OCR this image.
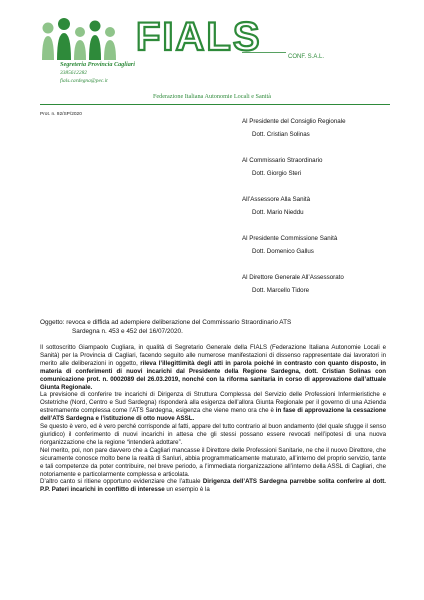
FIALS	CONF. S.A.L.
Segreteria Provincia Cagliari
3385612282
fials.cardegna@pec.it
Federazione Italiana Autonomie Locali e Sanità
Prot. n. 92/SP/2020
Al Presidente del Consiglio Regionale
Dott. Cristian Solinas
Al Commissario Straordinario
Dott. Giorgio Steri
All’Assessore Alla Sanità
Dott. Mario Nieddu
Al Presidente Commissione Sanità
Dott. Domenico Gallus
Al Direttore Generale All’Assessorato
Dott. Marcello Tidore
Oggetto: revoca e diffida ad adempiere deliberazione del Commissario Straordinario ATS
Sardegna n. 453 e 452 del 16/07/2020.

Il sottoscritto Giampaolo Cugliara, in qualità di Segretario Generale della FIALS (Federazione Italiana Autonomie Locali e Sanità) per la Provincia di Cagliari, facendo seguito alle numerose manifestazioni di dissenso rappresentate dai lavoratori in merito alle deliberazioni in oggetto, rileva l’illegittimità degli atti in parola poiché in contrasto con quanto disposto, in materia di conferimenti di nuovi incarichi dal Presidente della Regione Sardegna, dott. Cristian Solinas con comunicazione prot. n. 0002089 del 26.03.2019, nonché con la riforma sanitaria in corso di approvazione dall’attuale Giunta Regionale.

La previsione di conferire tre incarichi di Dirigenza di Struttura Complessa del Servizio delle Professioni Infermieristiche e Ostetriche (Nord, Centro e Sud Sardegna) risponderà alla esigenza dell’allora Giunta Regionale per il governo di una Azienda estremamente complessa come l’ATS Sardegna, esigenza che viene meno ora che è in fase di approvazione la cessazione dell’ATS Sardegna e l’istituzione di otto nuove ASSL.

Se questo è vero, ed è vero perché corrisponde al fatti, appare del tutto contrario al buon andamento (del quale sfugge il senso giuridico) il conferimento di nuovi incarichi in attesa che gli stessi possano essere revocati nell’ipotesi di una nuova riorganizzazione che la regione “intenderà adottare”.

Nel merito, poi, non pare davvero che a Cagliari mancasse il Direttore delle Professioni Sanitarie, ne che il nuovo Direttore, che sicuramente conosce molto bene la realtà di Sanluri, abbia programmaticamente maturato, all’interno del proprio servizio, tante e tali competenze da poter contribuire, nel breve periodo, a l’immediata riorganizzazione all’interno della ASSL di Cagliari, che notoriamente e particolarmente complessa e articolata.

D’altro canto si ritiene opportuno evidenziare che l’attuale Dirigenza dell’ATS Sardegna parrebbe solita conferire al dott. P.P. Pateri incarichi in conflitto di interesse un esempio è la
